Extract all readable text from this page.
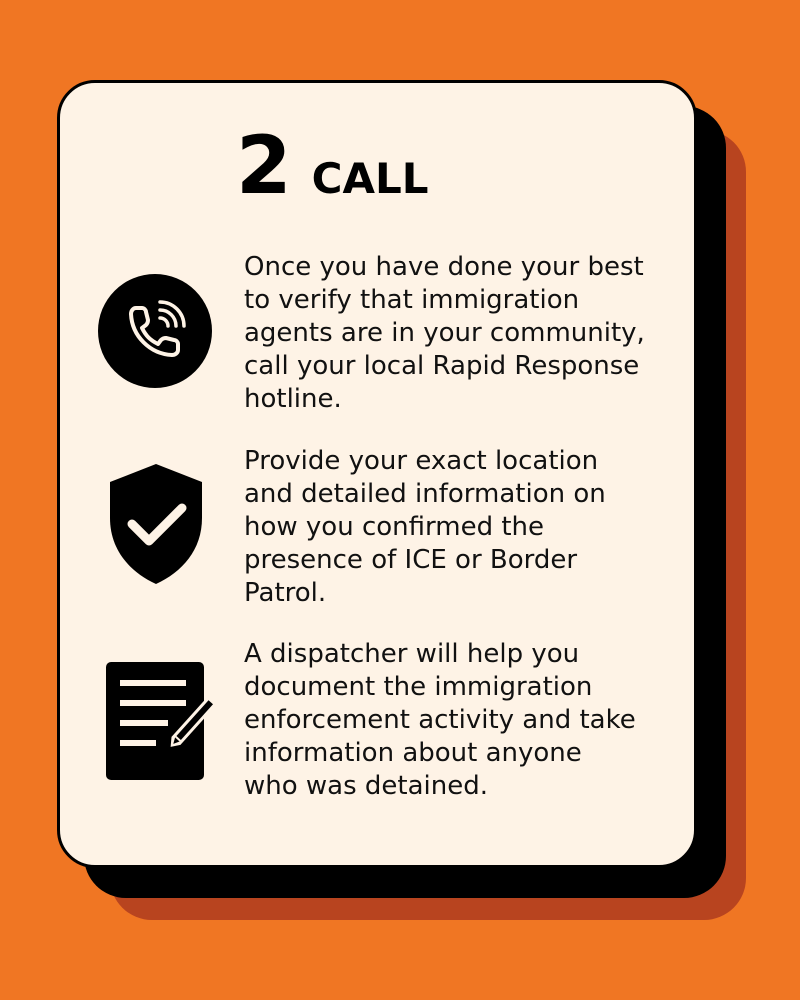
2 CALL
Once you have done your best
to verify that immigration
agents are in your community,
call your local Rapid Response
hotline.
Provide your exact location
and detailed information on
how you confirmed the
presence of ICE or Border
Patrol.
A dispatcher will help you
document the immigration
enforcement activity and take
information about anyone
who was detained.
